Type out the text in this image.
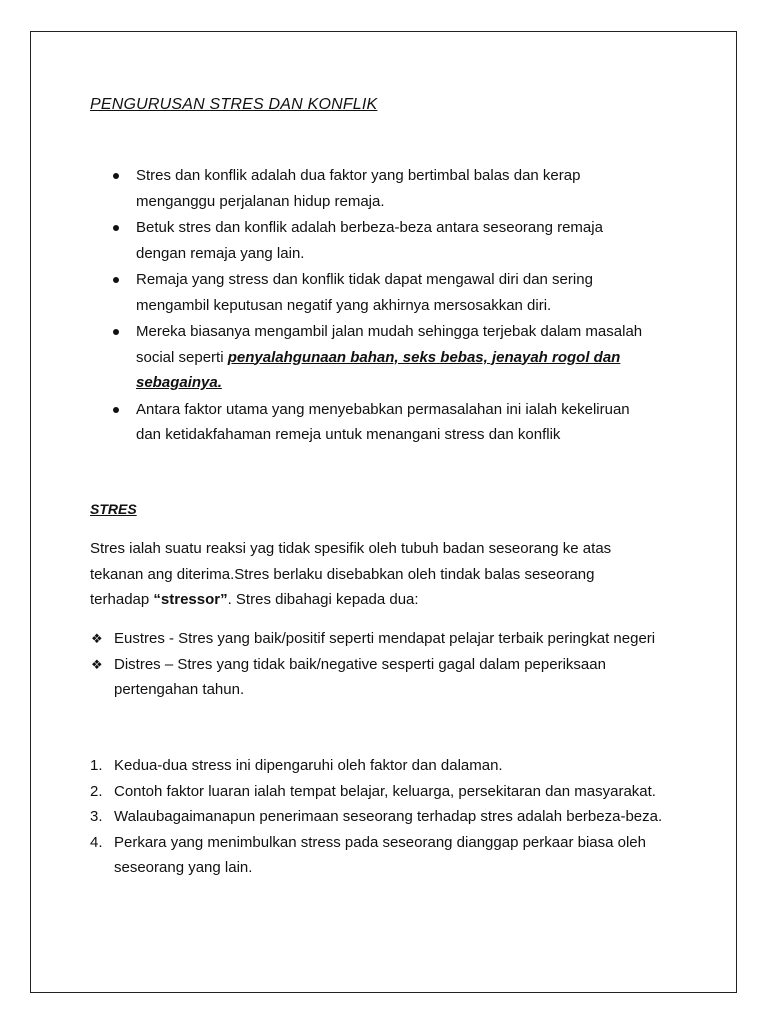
PENGURUSAN STRES DAN KONFLIK
Stres dan konflik adalah dua faktor yang bertimbal balas dan kerap
menganggu perjalanan hidup remaja.
Betuk stres dan konflik adalah berbeza-beza antara seseorang remaja
dengan remaja yang lain.
Remaja yang stress dan konflik tidak dapat mengawal diri dan sering
mengambil keputusan negatif yang akhirnya mersosakkan diri.
Mereka biasanya mengambil jalan mudah sehingga terjebak dalam masalah
social seperti penyalahgunaan bahan, seks bebas, jenayah rogol dan
sebagainya.
Antara faktor utama yang menyebabkan permasalahan ini ialah kekeliruan
dan ketidakfahaman remeja untuk menangani stress dan konflik
STRES
Stres ialah suatu reaksi yag tidak spesifik oleh tubuh badan seseorang ke atas
tekanan ang diterima.Stres berlaku disebabkan oleh tindak balas seseorang
terhadap “stressor”. Stres dibahagi kepada dua:
❖ Eustres - Stres yang baik/positif seperti mendapat pelajar terbaik peringkat negeri
❖ Distres – Stres yang tidak baik/negative sesperti gagal dalam peperiksaan
pertengahan tahun.
1. Kedua-dua stress ini dipengaruhi oleh faktor dan dalaman.
2. Contoh faktor luaran ialah tempat belajar, keluarga, persekitaran dan masyarakat.
3. Walaubagaimanapun penerimaan seseorang terhadap stres adalah berbeza-beza.
4. Perkara yang menimbulkan stress pada seseorang dianggap perkaar biasa oleh
seseorang yang lain.
